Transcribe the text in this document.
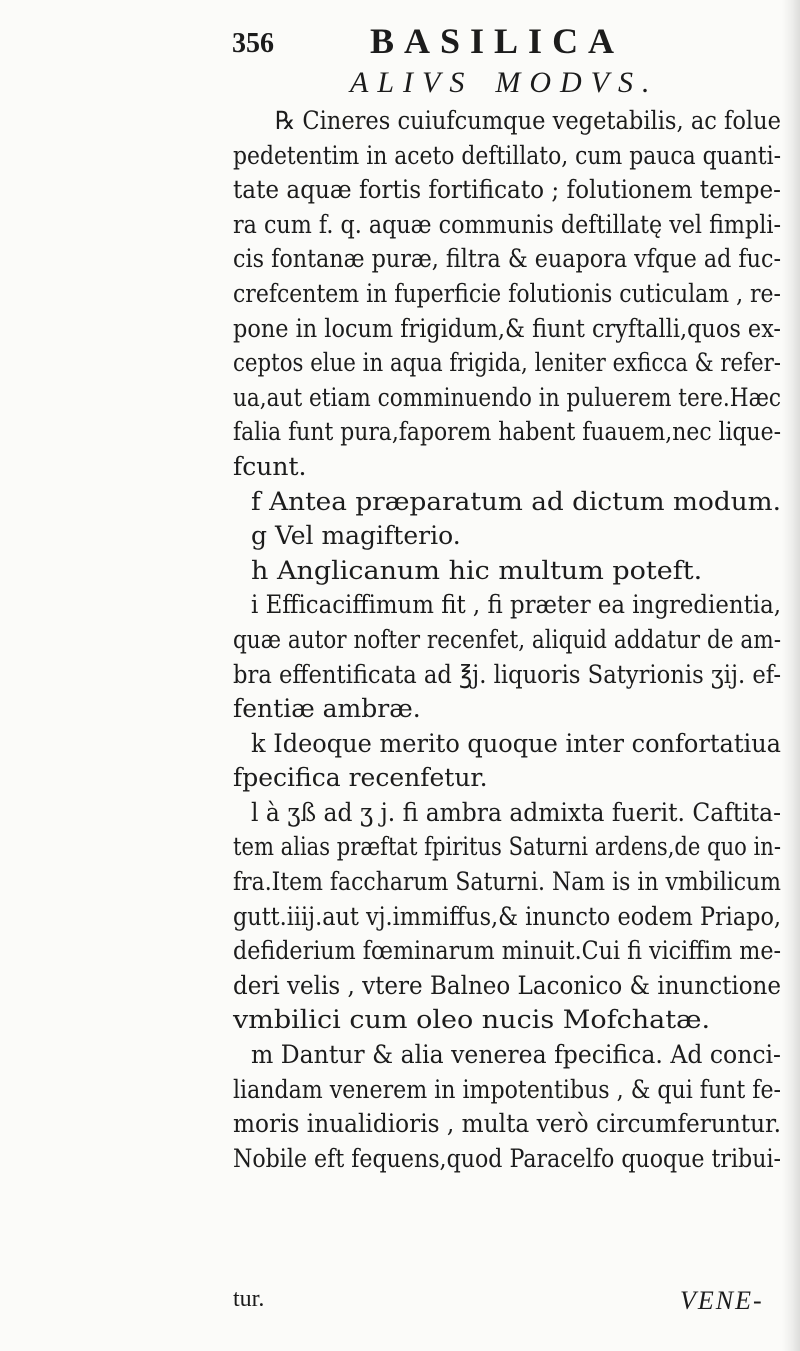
356	BASILICA
ALIVS MODVS.
℞ Cineres cuiufcumque vegetabilis, ac folue
pedetentim in aceto deftillato, cum pauca quanti-
tate aquæ fortis fortificato ; folutionem tempe-
ra cum f. q. aquæ communis deftillatę vel fimpli-
cis fontanæ puræ, filtra & euapora vfque ad fuc-
crefcentem in fuperficie folutionis cuticulam , re-
pone in locum frigidum,& fiunt cryftalli,quos ex-
ceptos elue in aqua frigida, leniter exficca & refer-
ua,aut etiam comminuendo in puluerem tere.Hæc
falia funt pura,faporem habent fuauem,nec lique-
fcunt.
f Antea præparatum ad dictum modum.
g Vel magifterio.
h Anglicanum hic multum poteft.
i Efficaciffimum fit , fi præter ea ingredientia,
quæ autor nofter recenfet, aliquid addatur de am-
bra effentificata ad ℥j. liquoris Satyrionis ʒij. ef-
fentiæ ambræ.
k Ideoque merito quoque inter confortatiua
fpecifica recenfetur.
l à ʒß ad ʒ j. fi ambra admixta fuerit. Caftita-
tem alias præftat fpiritus Saturni ardens,de quo in-
fra.Item faccharum Saturni. Nam is in vmbilicum
gutt.iiij.aut vj.immiffus,& inuncto eodem Priapo,
defiderium fœminarum minuit.Cui fi viciffim me-
deri velis , vtere Balneo Laconico & inunctione
vmbilici cum oleo nucis Mofchatæ.
m Dantur & alia venerea fpecifica. Ad conci-
liandam venerem in impotentibus , & qui funt fe-
moris inualidioris , multa verò circumferuntur.
Nobile eft fequens,quod Paracelfo quoque tribui-
tur.	VENE-
